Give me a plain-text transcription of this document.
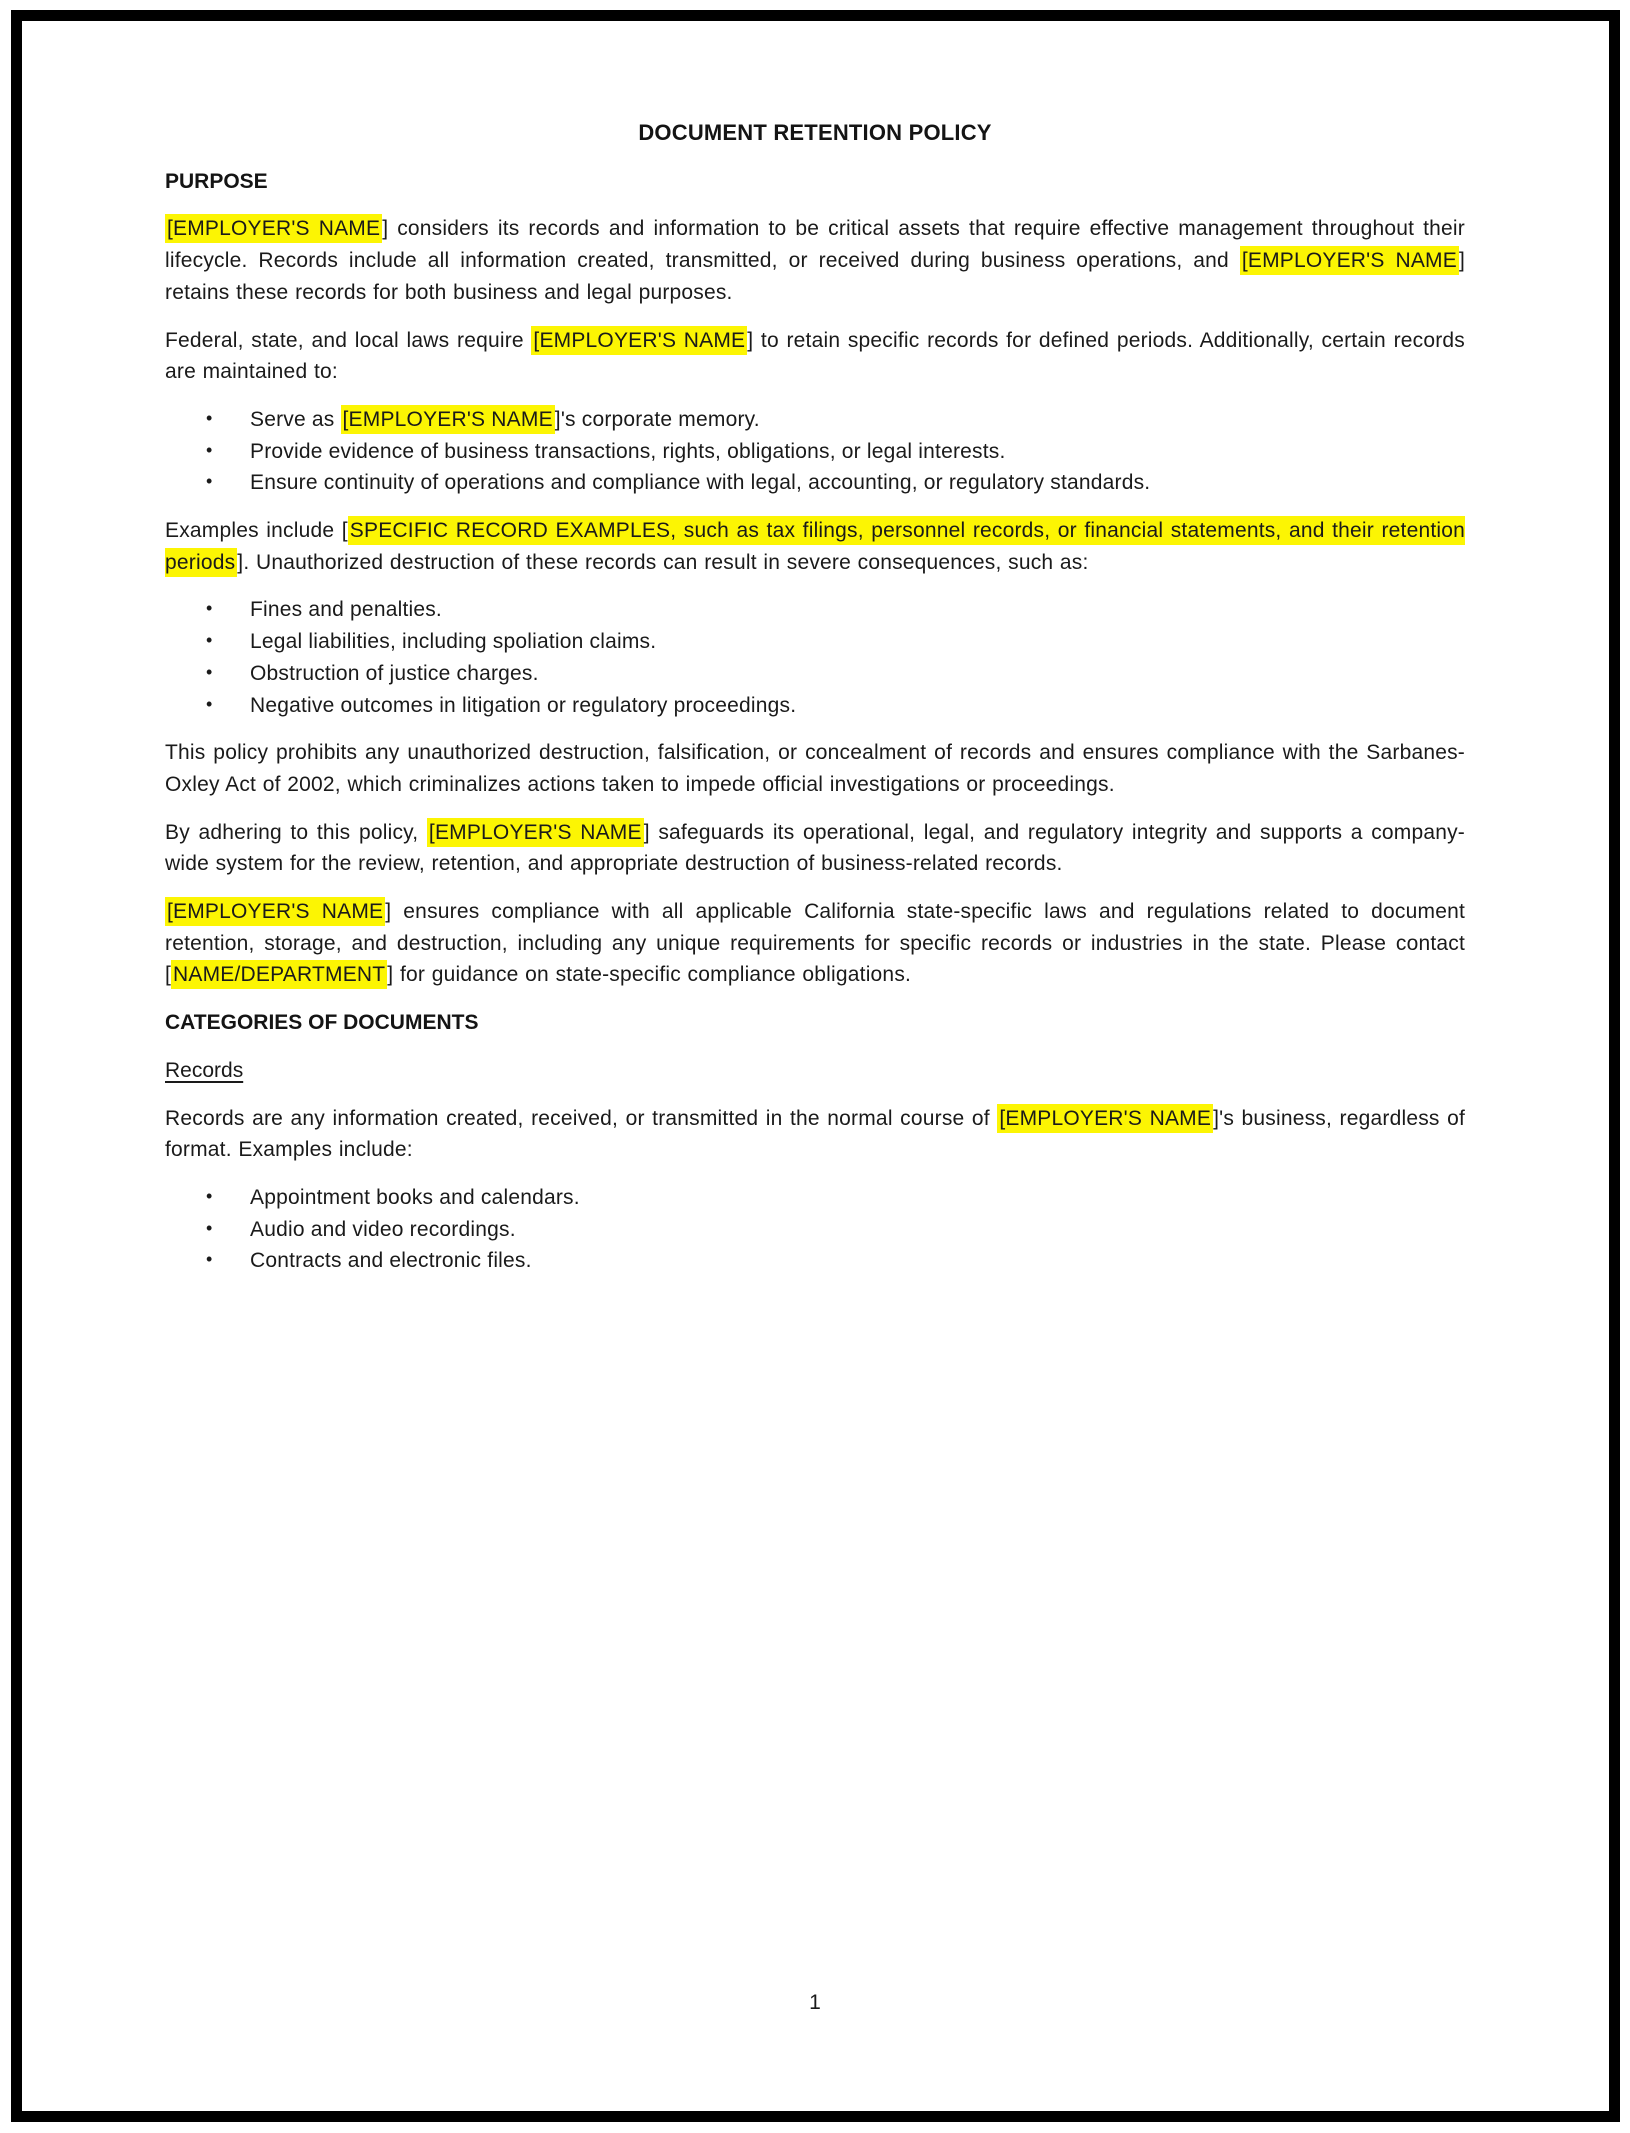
DOCUMENT RETENTION POLICY
PURPOSE

[EMPLOYER'S NAME] considers its records and information to be critical assets that require effective management throughout their lifecycle. Records include all information created, transmitted, or received during business operations, and [EMPLOYER'S NAME] retains these records for both business and legal purposes.

Federal, state, and local laws require [EMPLOYER'S NAME] to retain specific records for defined periods. Additionally, certain records are maintained to:

• Serve as [EMPLOYER'S NAME]'s corporate memory.
• Provide evidence of business transactions, rights, obligations, or legal interests.
• Ensure continuity of operations and compliance with legal, accounting, or regulatory standards.

Examples include [SPECIFIC RECORD EXAMPLES, such as tax filings, personnel records, or financial statements, and their retention periods]. Unauthorized destruction of these records can result in severe consequences, such as:

• Fines and penalties.
• Legal liabilities, including spoliation claims.
• Obstruction of justice charges.
• Negative outcomes in litigation or regulatory proceedings.

This policy prohibits any unauthorized destruction, falsification, or concealment of records and ensures compliance with the Sarbanes-Oxley Act of 2002, which criminalizes actions taken to impede official investigations or proceedings.

By adhering to this policy, [EMPLOYER'S NAME] safeguards its operational, legal, and regulatory integrity and supports a company-wide system for the review, retention, and appropriate destruction of business-related records.

[EMPLOYER'S NAME] ensures compliance with all applicable California state-specific laws and regulations related to document retention, storage, and destruction, including any unique requirements for specific records or industries in the state. Please contact [NAME/DEPARTMENT] for guidance on state-specific compliance obligations.

CATEGORIES OF DOCUMENTS
Records

Records are any information created, received, or transmitted in the normal course of [EMPLOYER'S NAME]'s business, regardless of format. Examples include:

• Appointment books and calendars.
• Audio and video recordings.
• Contracts and electronic files.
1
